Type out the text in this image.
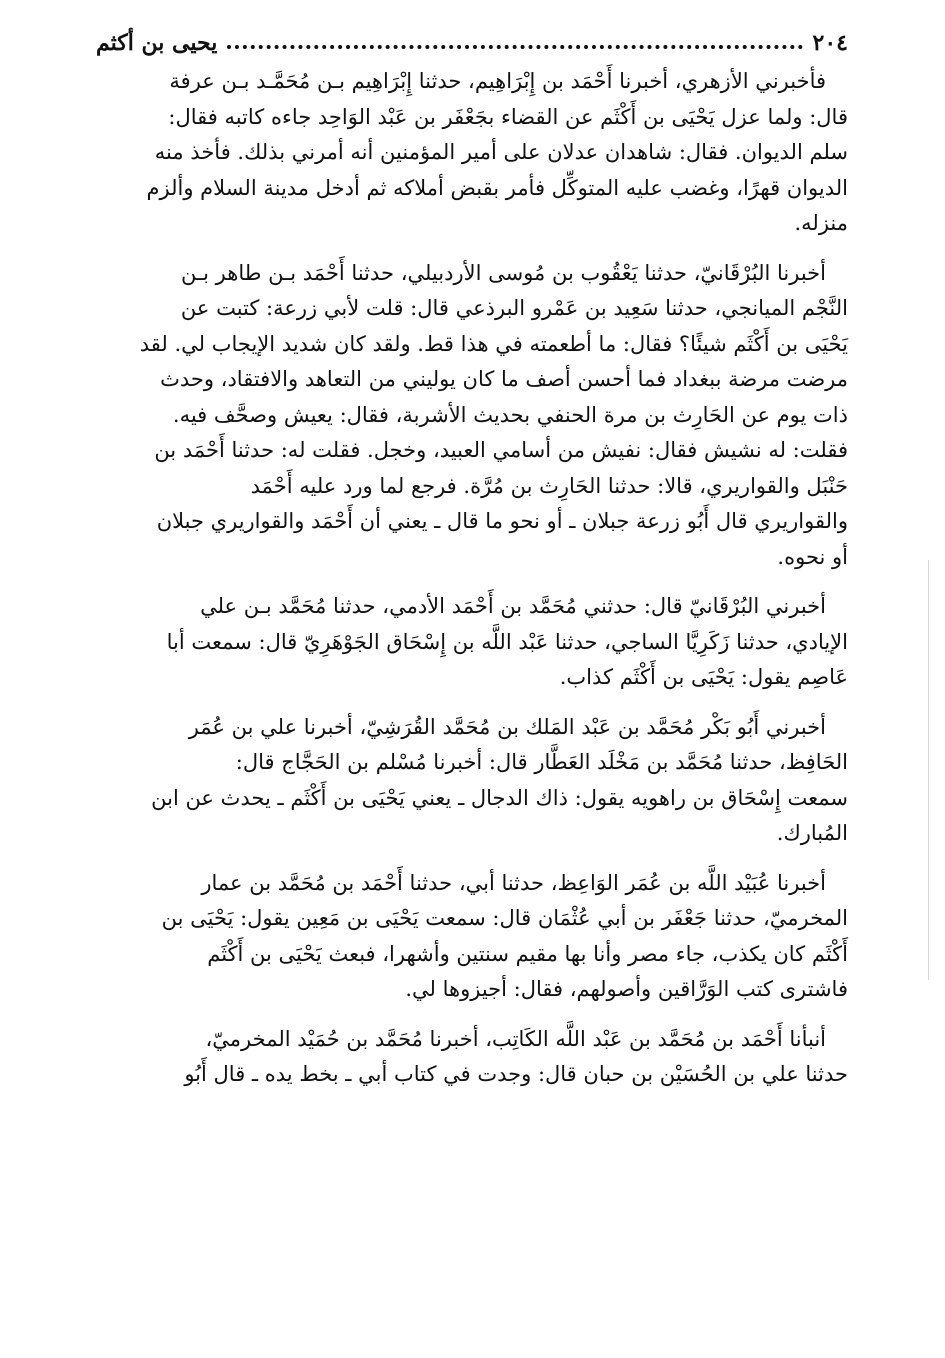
٢٠٤
يحيى بن أكثم

فأخبرني الأزهري، أخبرنا أَحْمَد بن إِبْرَاهِيم، حدثنا إِبْرَاهِيم بـن مُحَمَّـد بـن عرفة
قال: ولما عزل يَحْيَى بن أَكْثَم عن القضاء بجَعْفَر بن عَبْد الوَاحِد جاءه كاتبه فقال:
سلم الديوان. فقال: شاهدان عدلان على أمير المؤمنين أنه أمرني بذلك. فأخذ منه
الديوان قهرًا، وغضب عليه المتوكِّل فأمر بقبض أملاكه ثم أدخل مدينة السلام وألزم
منزله.

أخبرنا البُرْقَانيّ، حدثنا يَعْقُوب بن مُوسى الأردبيلي، حدثنا أَحْمَد بـن طاهر بـن
النَّجْم الميانجي، حدثنا سَعِيد بن عَمْرو البرذعي قال: قلت لأبي زرعة: كتبت عن
يَحْيَى بن أَكْثَم شيئًا؟ فقال: ما أطعمته في هذا قط. ولقد كان شديد الإيجاب لي. لقد
مرضت مرضة ببغداد فما أحسن أصف ما كان يوليني من التعاهد والافتقاد، وحدث
ذات يوم عن الحَارِث بن مرة الحنفي بحديث الأشربة، فقال: يعيش وصحَّف فيه.
فقلت: له نشيش فقال: نفيش من أسامي العبيد، وخجل. فقلت له: حدثنا أَحْمَد بن
حَنْبَل والقواريري، قالا: حدثنا الحَارِث بن مُرَّة. فرجع لما ورد عليه أَحْمَد
والقواريري قال أَبُو زرعة جبلان ـ أو نحو ما قال ـ يعني أن أَحْمَد والقواريري جبلان
أو نحوه.

أخبرني البُرْقَانيّ قال: حدثني مُحَمَّد بن أَحْمَد الأدمي، حدثنا مُحَمَّد بـن علي
الإيادي، حدثنا زَكَرِيَّا الساجي، حدثنا عَبْد اللَّه بن إِسْحَاق الجَوْهَرِيّ قال: سمعت أبا
عَاصِم يقول: يَحْيَى بن أَكْثَم كذاب.

أخبرني أَبُو بَكْر مُحَمَّد بن عَبْد المَلك بن مُحَمَّد القُرَشِيّ، أخبرنا علي بن عُمَر
الحَافِظ، حدثنا مُحَمَّد بن مَخْلَد العَطَّار قال: أخبرنا مُسْلم بن الحَجَّاج قال:
سمعت إِسْحَاق بن راهويه يقول: ذاك الدجال ـ يعني يَحْيَى بن أَكْثَم ـ يحدث عن ابن
المُبارك.

أخبرنا عُبَيْد اللَّه بن عُمَر الوَاعِظ، حدثنا أبي، حدثنا أَحْمَد بن مُحَمَّد بن عمار
المخرميّ، حدثنا جَعْفَر بن أبي عُثْمَان قال: سمعت يَحْيَى بن مَعِين يقول: يَحْيَى بن
أَكْثَم كان يكذب، جاء مصر وأنا بها مقيم سنتين وأشهرا، فبعث يَحْيَى بن أَكْثَم
فاشترى كتب الوَرَّاقين وأصولهم، فقال: أجيزوها لي.

أنبأنا أَحْمَد بن مُحَمَّد بن عَبْد اللَّه الكَاتِب، أخبرنا مُحَمَّد بن حُمَيْد المخرميّ،
حدثنا علي بن الحُسَيْن بن حبان قال: وجدت في كتاب أبي ـ بخط يده ـ قال أَبُو
